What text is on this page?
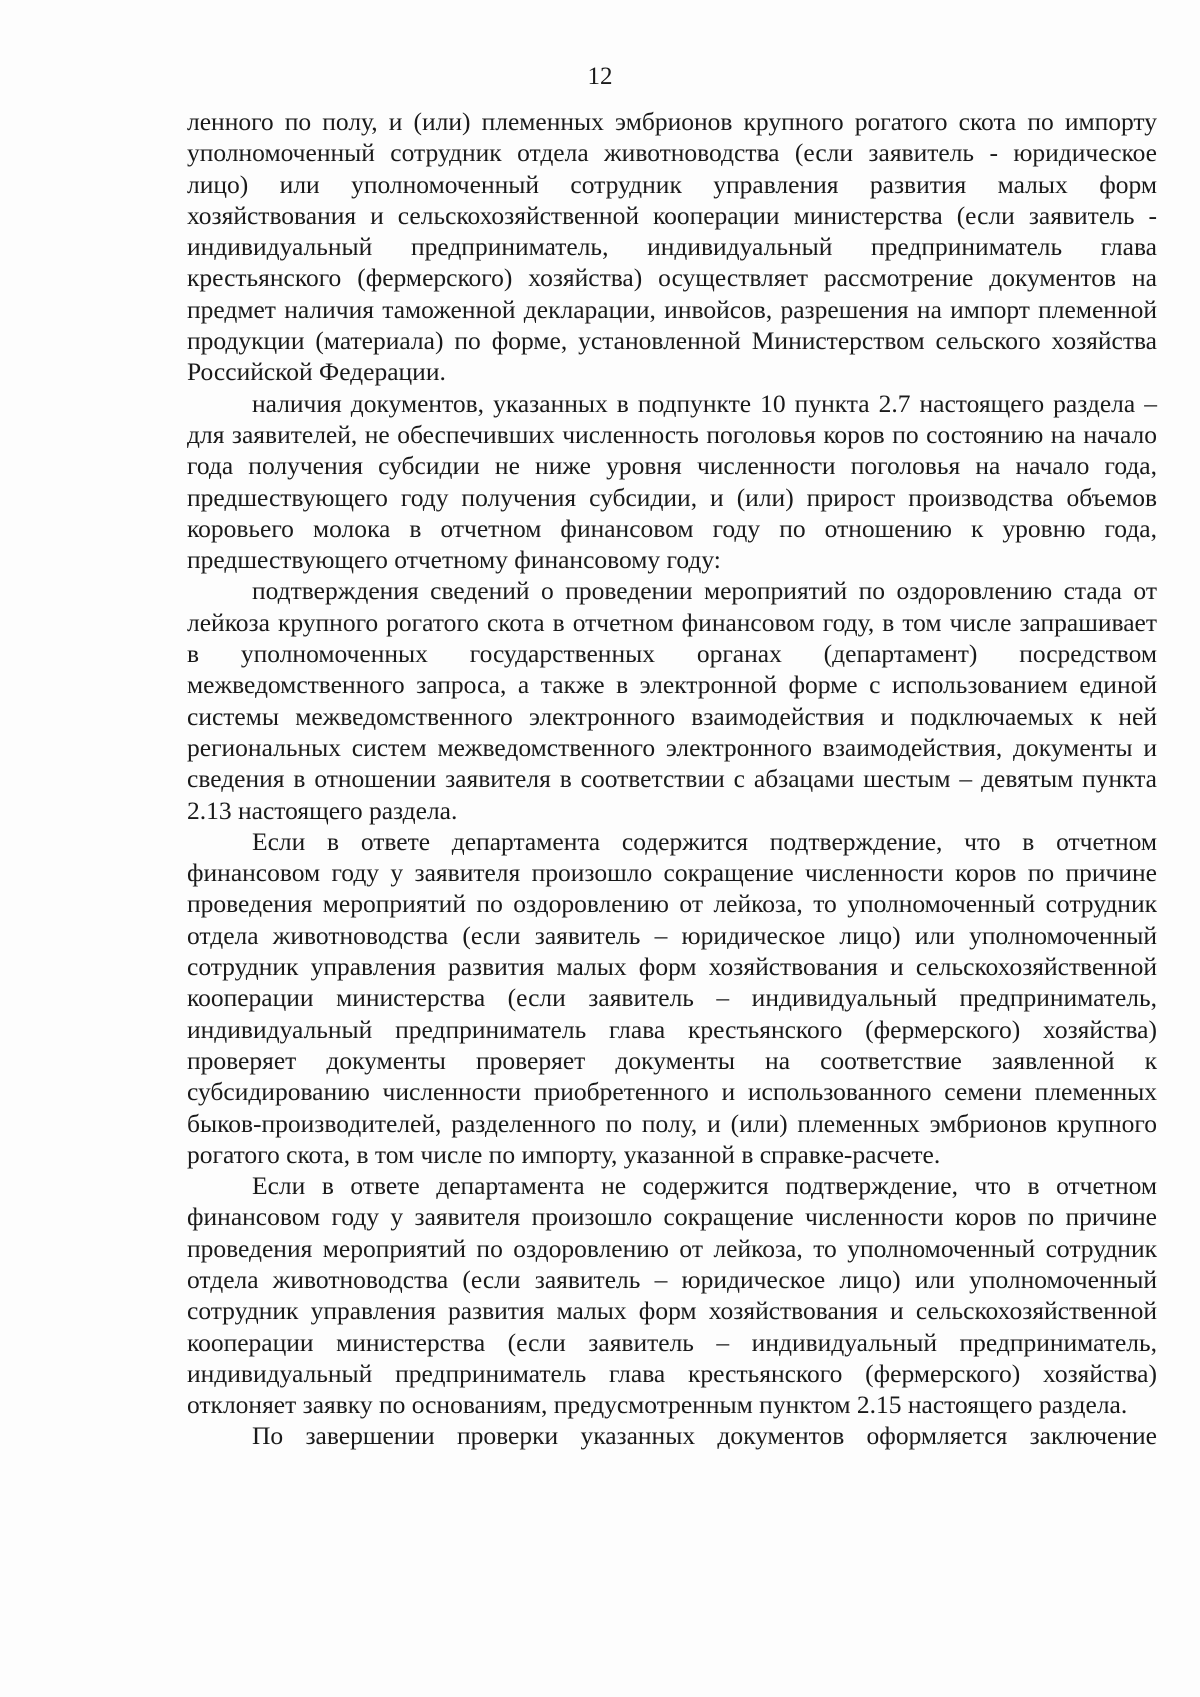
12

ленного по полу, и (или) племенных эмбрионов крупного рогатого скота по импорту уполномоченный сотрудник отдела животноводства (если заявитель - юридическое лицо) или уполномоченный сотрудник управления развития малых форм хозяйствования и сельскохозяйственной кооперации министерства (если заявитель - индивидуальный предприниматель, индивидуальный предприниматель глава крестьянского (фермерского) хозяйства) осуществляет рассмотрение документов на предмет наличия таможенной декларации, инвойсов, разрешения на импорт племенной продукции (материала) по форме, установленной Министерством сельского хозяйства Российской Федерации.

наличия документов, указанных в подпункте 10 пункта 2.7 настоящего раздела – для заявителей, не обеспечивших численность поголовья коров по состоянию на начало года получения субсидии не ниже уровня численности поголовья на начало года, предшествующего году получения субсидии, и (или) прирост производства объемов коровьего молока в отчетном финансовом году по отношению к уровню года, предшествующего отчетному финансовому году:

подтверждения сведений о проведении мероприятий по оздоровлению стада от лейкоза крупного рогатого скота в отчетном финансовом году, в том числе запрашивает в уполномоченных государственных органах (департамент) посредством межведомственного запроса, а также в электронной форме с использованием единой системы межведомственного электронного взаимодействия и подключаемых к ней региональных систем межведомственного электронного взаимодействия, документы и сведения в отношении заявителя в соответствии с абзацами шестым – девятым пункта 2.13 настоящего раздела.

Если в ответе департамента содержится подтверждение, что в отчетном финансовом году у заявителя произошло сокращение численности коров по причине проведения мероприятий по оздоровлению от лейкоза, то уполномоченный сотрудник отдела животноводства (если заявитель – юридическое лицо) или уполномоченный сотрудник управления развития малых форм хозяйствования и сельскохозяйственной кооперации министерства (если заявитель – индивидуальный предприниматель, индивидуальный предприниматель глава крестьянского (фермерского) хозяйства) проверяет документы проверяет документы на соответствие заявленной к субсидированию численности приобретенного и использованного семени племенных быков-производителей, разделенного по полу, и (или) племенных эмбрионов крупного рогатого скота, в том числе по импорту, указанной в справке-расчете.

Если в ответе департамента не содержится подтверждение, что в отчетном финансовом году у заявителя произошло сокращение численности коров по причине проведения мероприятий по оздоровлению от лейкоза, то уполномоченный сотрудник отдела животноводства (если заявитель – юридическое лицо) или уполномоченный сотрудник управления развития малых форм хозяйствования и сельскохозяйственной кооперации министерства (если заявитель – индивидуальный предприниматель, индивидуальный предприниматель глава крестьянского (фермерского) хозяйства) отклоняет заявку по основаниям, предусмотренным пунктом 2.15 настоящего раздела.

По завершении проверки указанных документов оформляется заключение
